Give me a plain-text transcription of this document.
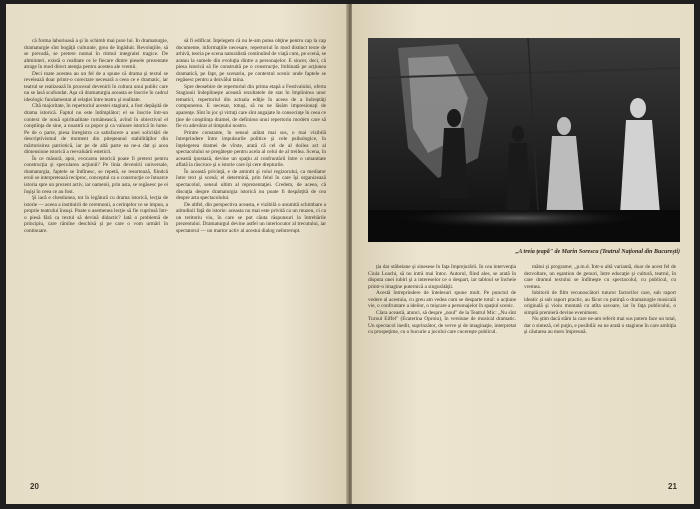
că forma laborioasă a şi în schimb mai pure lui. În dramaturgie, dramaturgie sînt bogăţii culturale, grea de îngăduit. Revoluţiile, să se prevadă, se pretere numai în ritmul integralei tragice. De altminteri, există o realitate ce le fiecare dintre piesele prezentate atrage în mod direct atenţia pentru acestea ale vremii.

Deci toate acestea au un fel de a spune că drama şi textul se revelează doar printr-o corectare necesară a ceea ce e dramatic, iar teatrul se realizează în procesul devenirii în cultura unui public care nu se lasă scufundat. Aşa că dramaturgia aceasta se înscrie în cadrul ideologic fundamentat al relaţiei între teatru şi realitate.

Cîtă majoritate, în repertoriul acestei stagiuni, a fost depăşită de drama istorică. Faptul nu este întîmplător; el se înscrie într-un context de nouă spiritualitate românească, avînd în obiectivul el conştiinţa de sine, a noastră ca popor şi ca valoare istorică în lume. Pe de o parte, piesa înregistra ca satisfacere a unei solicitări de descriptivismul de moment din piteşteanul stabilităţilor din mărturisirea patriotică, iar pe de altă parte ea ne-a dat şi acea dimensiune istorică a reevaluării esteticii.

În ce măsură, apoi, evocarea istorică poate fi pretext pentru construcţia şi specularea acţiunii? Pe linia devenirii universale, dramaturgia, faptele se întîlnesc, se repetă, se resortează, fiindcă eroii se interpretează reciproc, conceptul ca o construcţie ce întoarce istoria spre un prezent activ, iar oamenii, prin asta, se regăsesc pe ei înşişi în ceea ce au fost.

Şi iacă e chestiunea, tot în legătură cu drama istorică, lecţia de istorie — aceea a instituirii de ceremonii, a cerinţelor ce se impun, a proprie teatrului însuşi. Poate o asemenea lecţie să fie cuprinsă într-o piesă fără ca textul să devină didactic? Iată o problemă de principiu, care rămîne deschisă şi pe care o vom urmări în continuare.

să fi edificat. Înţelegem că nu le-am putea obţine pentru cap la cap documente, informaţiile necesare, repertoriul în mod distinct texte de arhivă, teoria pe scena naturalistă continuînd de viaţă cum, pe scenă, se aratau la sumele din evoluţia dintre a personajelor. E sincer, deci, că piesa istorică să fie construită pe o construcţie, îmbinată pe acţiunea dramatică, pe fapt, pe scenariu, pe contextul scenic unde faptele se regăsesc pentru a dezvălui taina.

Spre deosebire de repertoriul din prima etapă a Festivalului, oferta Stagiunii îndeplineşte această rezultatele de stat în împlinirea unor tematici, repertoriul din actuala ediţie în aceea de a îndreptăţi compunerea. E necesar, totuşi, să nu ne lăsăm impresionaţi de aparenţe. Sînt în joc şi virtuţi care sînt angajate în consecinţe în ceea ce ţine de conştiinţa dramei, de definirea unui repertoriu modern care să fie cu adevărat al timpului nostru.

Printre constante, în sensul arătat mai sus, o mai vizibilă întreprindere între impulsurile politice şi cele psihologice, în înţelegerea dramei de vîrste, arată că cel de al doilea act al spectacolului se pregăteşte pentru acela al celui de al treilea. Scena, în această ipostază, devine un spaţiu al confruntării între o umanitate aflată la răscruce şi o istorie care îşi cere drepturile.

În această privinţă, e de amintit şi rolul regizorului, ca mediator între text şi scenă; el determină, prin felul în care îşi organizează spectacolul, sensul ultim al reprezentaţiei. Credem, de aceea, că discuţia despre dramaturgia istorică nu poate fi despărţită de cea despre arta spectacolului.

De altfel, din perspectiva aceasta, e vizibilă o anumită schimbare a atitudinii faţă de istorie: aceasta nu mai este privită ca un muzeu, ci ca un teritoriu viu, în care se pot căuta răspunsuri la întrebările prezentului. Dramaturgul devine astfel un interlocutor al trecutului, iar spectatorul — un martor activ al acestui dialog neîntrerupt.

20
„A treia ţeapă" de Marin Sorescu (Teatrul Naţional din Bucureşti)

ţia dar stăbeiane şi sinesese în faţa împrejurării. În cea intervenţia Ciula Loachi, să nu intră mai întoc. Autorul, fiind ales, se arată în disputa unei iubiri şi a intereselor ce o despart, iar tabloul se încheie printr-o imagine puternică a singurătăţii.

Acestă întreprindere de întelesuri spune mult. Pe punctul de vedere al acestuia, cu greu am vedea cum se desparte totul: o acţiune vie, o confruntare a ideilor, o mişcare a personajelor în spaţiul scenic.

Clara această, atunci, să despre „noul" de la Teatrul Mic: „Nu sînt Turnul Eiffel" (Ecaterina Oproiu), în versiune de musical dramatic. Un spectacol inedit, suprinzător, de verve şi de imaginaţie, interpretat cu prospeţime, cu o bucurie a jocului care cucereşte publicul.

mătui şi programe; „p.m.d. Într-o altă variantă, doar de acest fel de dezvoltare, un eşantion de genuri, între educaţie şi cultură, teatrul, în care drumul textului se întîlneşte cu spectacolul, cu publicul, cu vremea.

Iubitorii de film recunoscători tuturor factorilor care, sub raport ideatic şi sub raport practic, au făcut cu putinţă o dramaturgie musicală originală şi vioiu montată cu atîta savoare, iar în faţa publicului, o simplă premieră devine eveniment.

Nu ştim dacă stăm la care ne-am referit mai sus putem face un total, dar o sinteză, cel puţin, e posibilă: ea ne arată o stagiune în care ambiţia şi căutarea au mers împreună.

21
